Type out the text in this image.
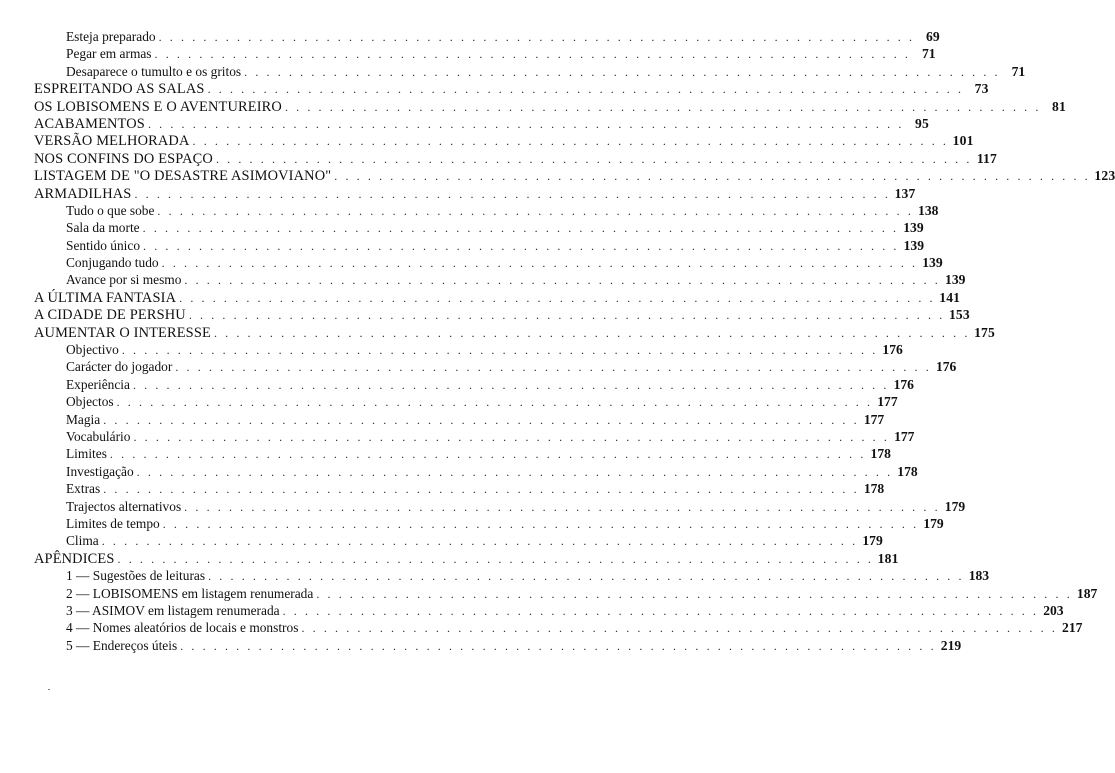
Esteja preparado . . . . . . . . . . . . . . . . . . . . . . . . . . . . . . . . . . . . . . . . . . . . . . . . . . . . . . . . . . . . . . . . . . . . 69
Pegar em armas . . . . . . . . . . . . . . . . . . . . . . . . . . . . . . . . . . . . . . . . . . . . . . . . . . . . . . . . . . . . . . . . . . . . 71
Desaparece o tumulto e os gritos . . . . . . . . . . . . . . . . . . . . . . . . . . . . . . . . . . . . . . . . . . . . . . . . . . . . . . . . . . . . . . . . . . . . 71
ESPREITANDO AS SALAS . . . . . . . . . . . . . . . . . . . . . . . . . . . . . . . . . . . . . . . . . . . . . . . . . . . . . . . . . . . . . . . . . . . . 73
OS LOBISOMENS E O AVENTUREIRO . . . . . . . . . . . . . . . . . . . . . . . . . . . . . . . . . . . . . . . . . . . . . . . . . . . . . . . . . . . . . . . . . . . . 81
ACABAMENTOS . . . . . . . . . . . . . . . . . . . . . . . . . . . . . . . . . . . . . . . . . . . . . . . . . . . . . . . . . . . . . . . . . . . . 95
VERSÃO MELHORADA . . . . . . . . . . . . . . . . . . . . . . . . . . . . . . . . . . . . . . . . . . . . . . . . . . . . . . . . . . . . . . . . . . . . 101
NOS CONFINS DO ESPAÇO . . . . . . . . . . . . . . . . . . . . . . . . . . . . . . . . . . . . . . . . . . . . . . . . . . . . . . . . . . . . . . . . . . . . 117
LISTAGEM DE "O DESASTRE ASIMOVIANO" . . . . . . . . . . . . . . . . . . . . . . . . . . . . . . . . . . . . . . . . . . . . . . . . . . . . . . . . . . . . . . . . . . . . 123
ARMADILHAS . . . . . . . . . . . . . . . . . . . . . . . . . . . . . . . . . . . . . . . . . . . . . . . . . . . . . . . . . . . . . . . . . . . . 137
Tudo o que sobe . . . . . . . . . . . . . . . . . . . . . . . . . . . . . . . . . . . . . . . . . . . . . . . . . . . . . . . . . . . . . . . . . . . . 138
Sala da morte . . . . . . . . . . . . . . . . . . . . . . . . . . . . . . . . . . . . . . . . . . . . . . . . . . . . . . . . . . . . . . . . . . . . 139
Sentido único . . . . . . . . . . . . . . . . . . . . . . . . . . . . . . . . . . . . . . . . . . . . . . . . . . . . . . . . . . . . . . . . . . . . 139
Conjugando tudo . . . . . . . . . . . . . . . . . . . . . . . . . . . . . . . . . . . . . . . . . . . . . . . . . . . . . . . . . . . . . . . . . . . . 139
Avance por si mesmo . . . . . . . . . . . . . . . . . . . . . . . . . . . . . . . . . . . . . . . . . . . . . . . . . . . . . . . . . . . . . . . . . . . . 139
A ÚLTIMA FANTASIA . . . . . . . . . . . . . . . . . . . . . . . . . . . . . . . . . . . . . . . . . . . . . . . . . . . . . . . . . . . . . . . . . . . . 141
A CIDADE DE PERSHU . . . . . . . . . . . . . . . . . . . . . . . . . . . . . . . . . . . . . . . . . . . . . . . . . . . . . . . . . . . . . . . . . . . . 153
AUMENTAR O INTERESSE . . . . . . . . . . . . . . . . . . . . . . . . . . . . . . . . . . . . . . . . . . . . . . . . . . . . . . . . . . . . . . . . . . . . 175
Objectivo . . . . . . . . . . . . . . . . . . . . . . . . . . . . . . . . . . . . . . . . . . . . . . . . . . . . . . . . . . . . . . . . . . . . 176
Carácter do jogador . . . . . . . . . . . . . . . . . . . . . . . . . . . . . . . . . . . . . . . . . . . . . . . . . . . . . . . . . . . . . . . . . . . . 176
Experiência . . . . . . . . . . . . . . . . . . . . . . . . . . . . . . . . . . . . . . . . . . . . . . . . . . . . . . . . . . . . . . . . . . . . 176
Objectos . . . . . . . . . . . . . . . . . . . . . . . . . . . . . . . . . . . . . . . . . . . . . . . . . . . . . . . . . . . . . . . . . . . . 177
Magia . . . . . . . . . . . . . . . . . . . . . . . . . . . . . . . . . . . . . . . . . . . . . . . . . . . . . . . . . . . . . . . . . . . . 177
Vocabulário . . . . . . . . . . . . . . . . . . . . . . . . . . . . . . . . . . . . . . . . . . . . . . . . . . . . . . . . . . . . . . . . . . . . 177
Limites . . . . . . . . . . . . . . . . . . . . . . . . . . . . . . . . . . . . . . . . . . . . . . . . . . . . . . . . . . . . . . . . . . . . 178
Investigação . . . . . . . . . . . . . . . . . . . . . . . . . . . . . . . . . . . . . . . . . . . . . . . . . . . . . . . . . . . . . . . . . . . . 178
Extras . . . . . . . . . . . . . . . . . . . . . . . . . . . . . . . . . . . . . . . . . . . . . . . . . . . . . . . . . . . . . . . . . . . . 178
Trajectos alternativos . . . . . . . . . . . . . . . . . . . . . . . . . . . . . . . . . . . . . . . . . . . . . . . . . . . . . . . . . . . . . . . . . . . . 179
Limites de tempo . . . . . . . . . . . . . . . . . . . . . . . . . . . . . . . . . . . . . . . . . . . . . . . . . . . . . . . . . . . . . . . . . . . . 179
Clima . . . . . . . . . . . . . . . . . . . . . . . . . . . . . . . . . . . . . . . . . . . . . . . . . . . . . . . . . . . . . . . . . . . . 179
APÊNDICES . . . . . . . . . . . . . . . . . . . . . . . . . . . . . . . . . . . . . . . . . . . . . . . . . . . . . . . . . . . . . . . . . . . . 181
1 — Sugestões de leituras . . . . . . . . . . . . . . . . . . . . . . . . . . . . . . . . . . . . . . . . . . . . . . . . . . . . . . . . . . . . . . . . . . . . 183
2 — LOBISOMENS em listagem renumerada . . . . . . . . . . . . . . . . . . . . . . . . . . . . . . . . . . . . . . . . . . . . . . . . . . . . . . . . . . . . . . . . . . . . 187
3 — ASIMOV em listagem renumerada . . . . . . . . . . . . . . . . . . . . . . . . . . . . . . . . . . . . . . . . . . . . . . . . . . . . . . . . . . . . . . . . . . . . 203
4 — Nomes aleatórios de locais e monstros . . . . . . . . . . . . . . . . . . . . . . . . . . . . . . . . . . . . . . . . . . . . . . . . . . . . . . . . . . . . . . . . . . . . 217
5 — Endereços úteis . . . . . . . . . . . . . . . . . . . . . . . . . . . . . . . . . . . . . . . . . . . . . . . . . . . . . . . . . . . . . . . . . . . . 219
